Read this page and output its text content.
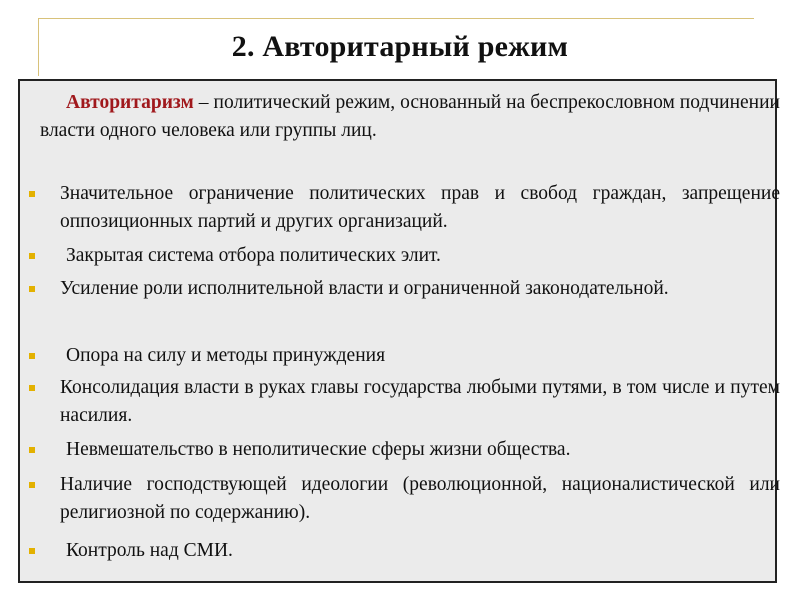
2. Авторитарный режим
Авторитаризм – политический режим, основанный на беспрекословном подчинении власти одного человека или группы лиц.
Значительное ограничение политических прав и свобод граждан, запрещение оппозиционных партий и других организаций.
Закрытая система отбора политических элит.
Усиление роли исполнительной власти и ограниченной законодательной.
Опора на силу и методы принуждения
Консолидация власти в руках главы государства любыми путями, в том числе и путем насилия.
Невмешательство в неполитические сферы жизни общества.
Наличие господствующей идеологии (революционной, националистической или религиозной по содержанию).
Контроль над СМИ.
